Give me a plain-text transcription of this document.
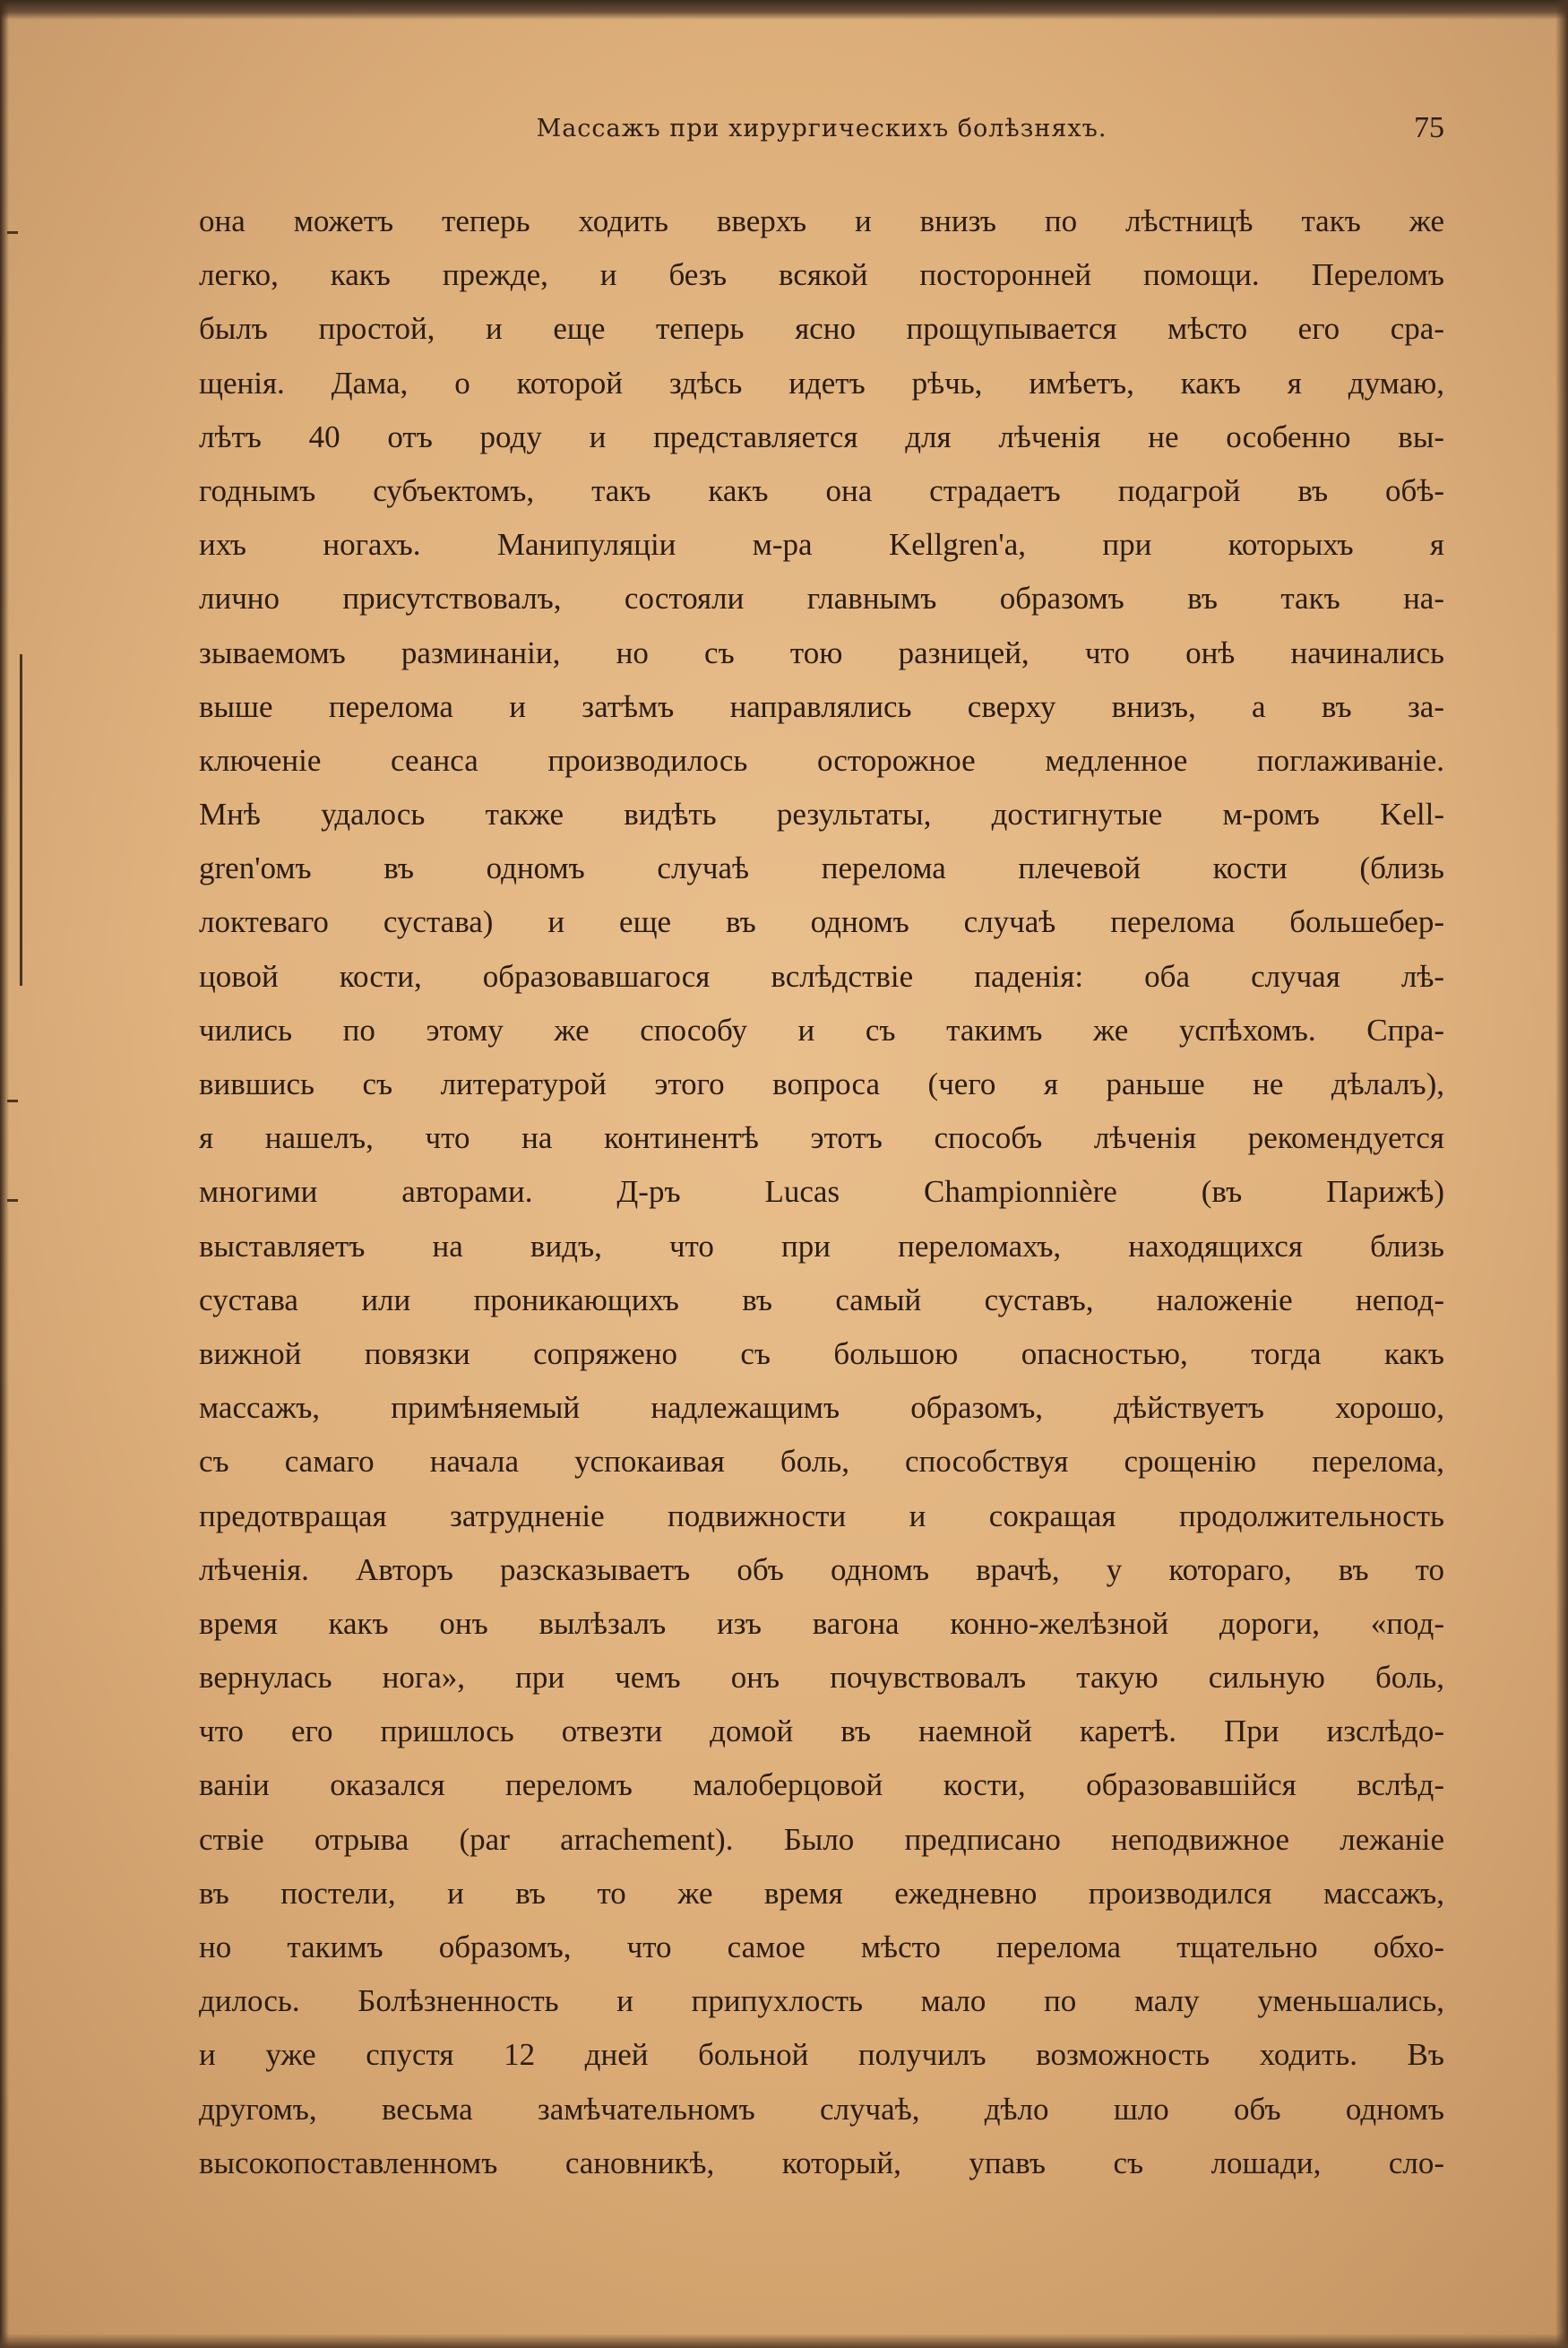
Массажъ при хирургическихъ болѣзняхъ.	75
она можетъ теперь ходить вверхъ и внизъ по лѣстницѣ такъ же
легко, какъ прежде, и безъ всякой посторонней помощи. Переломъ
былъ простой, и еще теперь ясно прощупывается мѣсто его сра-
щенія. Дама, о которой здѣсь идетъ рѣчь, имѣетъ, какъ я думаю,
лѣтъ 40 отъ роду и представляется для лѣченія не особенно вы-
годнымъ субъектомъ, такъ какъ она страдаетъ подагрой въ обѣ-
ихъ ногахъ. Манипуляціи м-ра Kellgren'а, при которыхъ я
лично присутствовалъ, состояли главнымъ образомъ въ такъ на-
зываемомъ разминаніи, но съ тою разницей, что онѣ начинались
выше перелома и затѣмъ направлялись сверху внизъ, а въ за-
ключеніе сеанса производилось осторожное медленное поглаживаніе.
Мнѣ удалось также видѣть результаты, достигнутые м-ромъ Kell-
gren'омъ въ одномъ случаѣ перелома плечевой кости (близь
локтеваго сустава) и еще въ одномъ случаѣ перелома большебер-
цовой кости, образовавшагося вслѣдствіе паденія: оба случая лѣ-
чились по этому же способу и съ такимъ же успѣхомъ. Спра-
вившись съ литературой этого вопроса (чего я раньше не дѣлалъ),
я нашелъ, что на континентѣ этотъ способъ лѣченія рекомендуется
многими авторами. Д-ръ Lucas Championnière (въ Парижѣ)
выставляетъ на видъ, что при переломахъ, находящихся близь
сустава или проникающихъ въ самый суставъ, наложеніе непод-
вижной повязки сопряжено съ большою опасностью, тогда какъ
массажъ, примѣняемый надлежащимъ образомъ, дѣйствуетъ хорошо,
съ самаго начала успокаивая боль, способствуя срощенію перелома,
предотвращая затрудненіе подвижности и сокращая продолжительность
лѣченія. Авторъ разсказываетъ объ одномъ врачѣ, у котораго, въ то
время какъ онъ вылѣзалъ изъ вагона конно-желѣзной дороги, «под-
вернулась нога», при чемъ онъ почувствовалъ такую сильную боль,
что его пришлось отвезти домой въ наемной каретѣ. При изслѣдо-
ваніи оказался переломъ малоберцовой кости, образовавшійся вслѣд-
ствіе отрыва (par arrachement). Было предписано неподвижное лежаніе
въ постели, и въ то же время ежедневно производился массажъ,
но такимъ образомъ, что самое мѣсто перелома тщательно обхо-
дилось. Болѣзненность и припухлость мало по малу уменьшались,
и уже спустя 12 дней больной получилъ возможность ходить. Въ
другомъ, весьма замѣчательномъ случаѣ, дѣло шло объ одномъ
высокопоставленномъ сановникѣ, который, упавъ съ лошади, сло-
